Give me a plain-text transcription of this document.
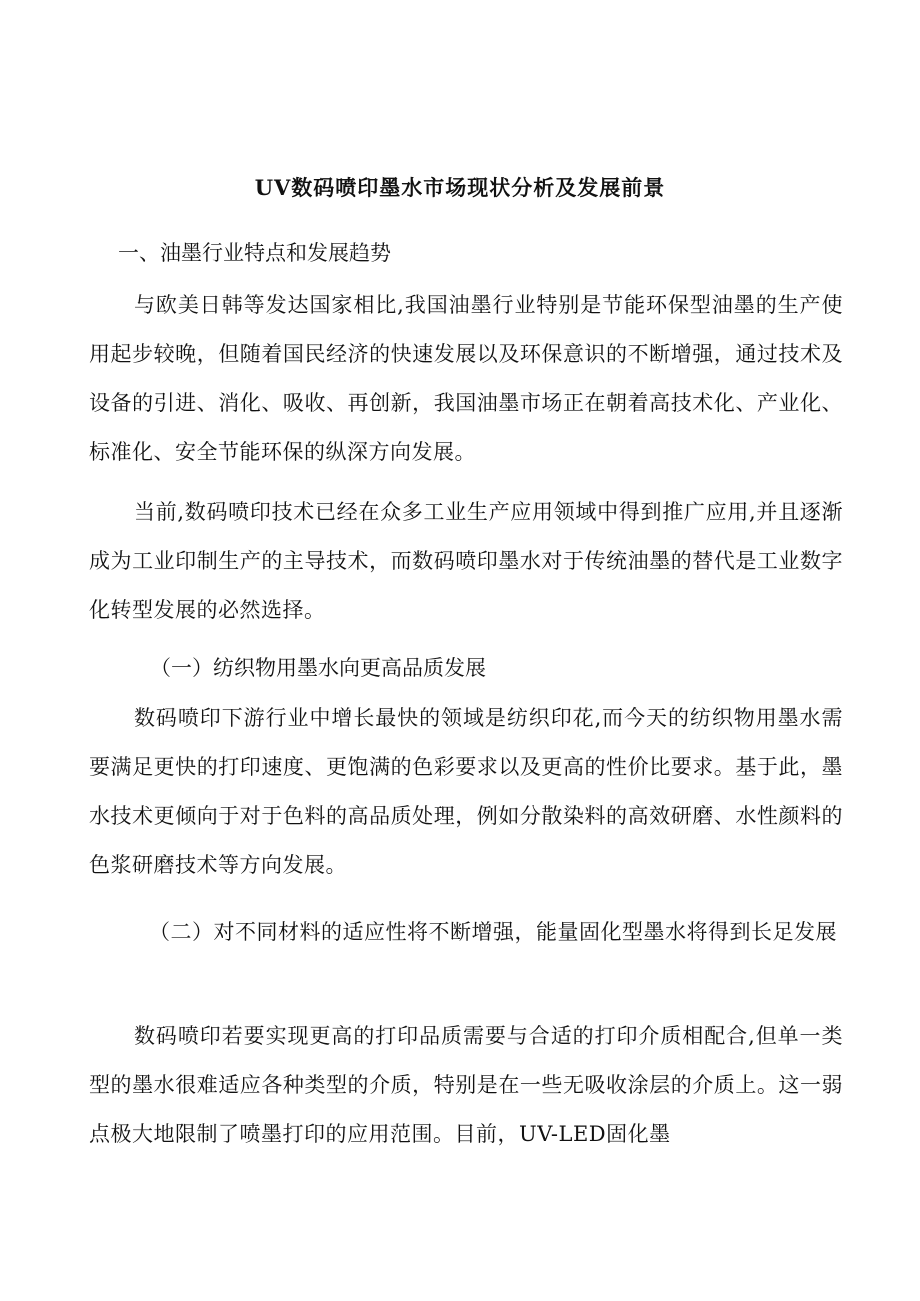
UV数码喷印墨水市场现状分析及发展前景
一、油墨行业特点和发展趋势

与欧美日韩等发达国家相比,我国油墨行业特别是节能环保型油墨的生产使用起步较晚，但随着国民经济的快速发展以及环保意识的不断增强，通过技术及设备的引进、消化、吸收、再创新，我国油墨市场正在朝着高技术化、产业化、标准化、安全节能环保的纵深方向发展。

当前,数码喷印技术已经在众多工业生产应用领域中得到推广应用,并且逐渐成为工业印制生产的主导技术，而数码喷印墨水对于传统油墨的替代是工业数字化转型发展的必然选择。

（一）纺织物用墨水向更高品质发展

数码喷印下游行业中增长最快的领域是纺织印花,而今天的纺织物用墨水需要满足更快的打印速度、更饱满的色彩要求以及更高的性价比要求。基于此，墨水技术更倾向于对于色料的高品质处理，例如分散染料的高效研磨、水性颜料的色浆研磨技术等方向发展。

（二）对不同材料的适应性将不断增强，能量固化型墨水将得到长足发展

数码喷印若要实现更高的打印品质需要与合适的打印介质相配合,但单一类型的墨水很难适应各种类型的介质，特别是在一些无吸收涂层的介质上。这一弱点极大地限制了喷墨打印的应用范围。目前，UV-LED固化墨
